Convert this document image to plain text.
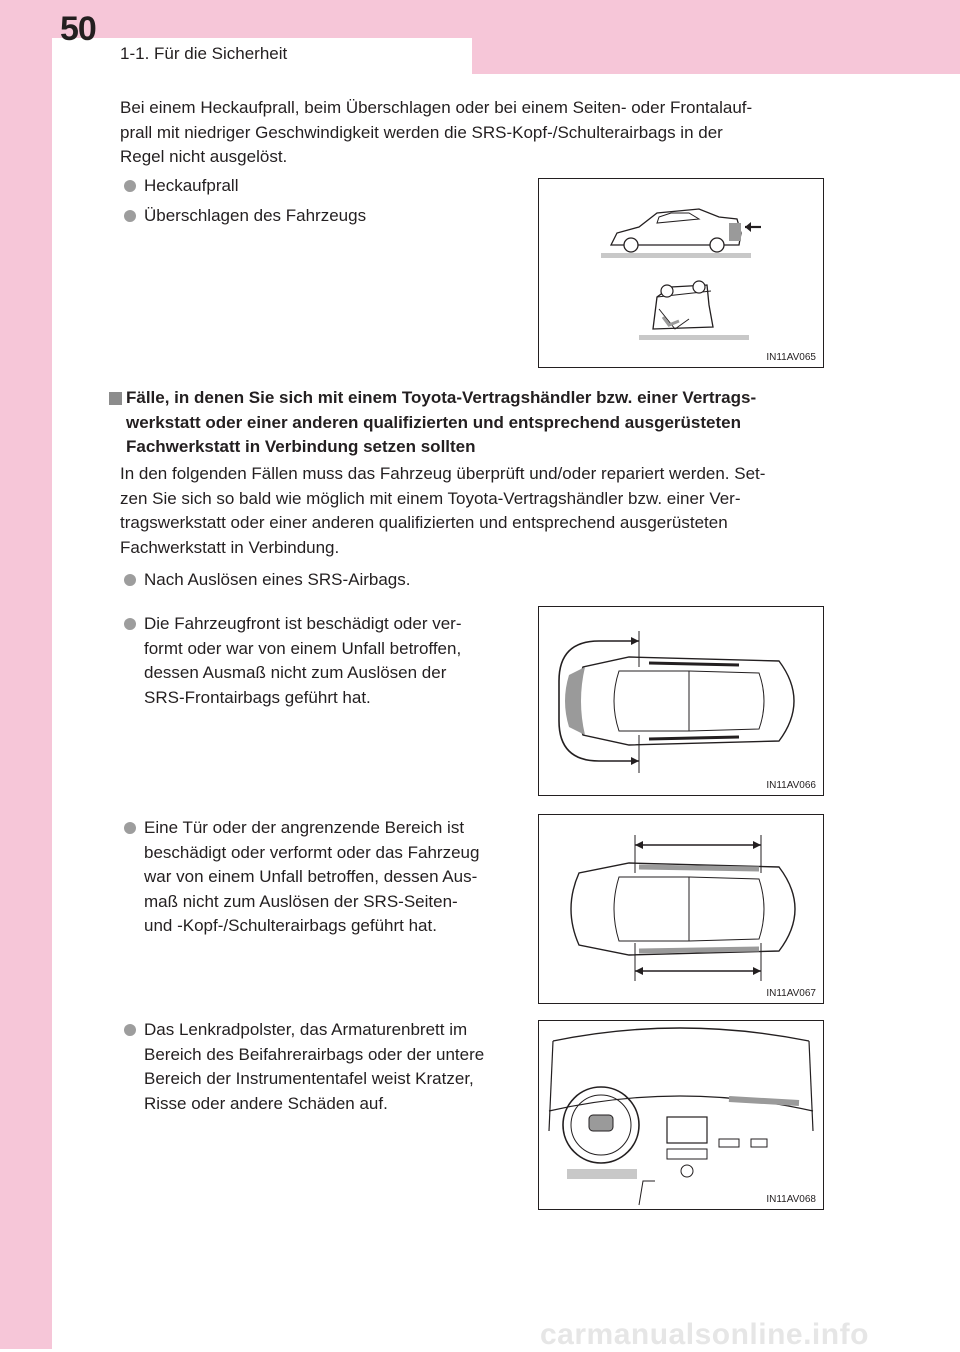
50
1-1. Für die Sicherheit
Bei einem Heckaufprall, beim Überschlagen oder bei einem Seiten- oder Frontalauf-
prall mit niedriger Geschwindigkeit werden die SRS-Kopf-/Schulterairbags in der
Regel nicht ausgelöst.
Heckaufprall
Überschlagen des Fahrzeugs
IN11AV065
Fälle, in denen Sie sich mit einem Toyota-Vertragshändler bzw. einer Vertrags-
werkstatt oder einer anderen qualifizierten und entsprechend ausgerüsteten
Fachwerkstatt in Verbindung setzen sollten
In den folgenden Fällen muss das Fahrzeug überprüft und/oder repariert werden. Set-
zen Sie sich so bald wie möglich mit einem Toyota-Vertragshändler bzw. einer Ver-
tragswerkstatt oder einer anderen qualifizierten und entsprechend ausgerüsteten
Fachwerkstatt in Verbindung.
Nach Auslösen eines SRS-Airbags.
Die Fahrzeugfront ist beschädigt oder ver-
formt oder war von einem Unfall betroffen,
dessen Ausmaß nicht zum Auslösen der
SRS-Frontairbags geführt hat.
IN11AV066
Eine Tür oder der angrenzende Bereich ist
beschädigt oder verformt oder das Fahrzeug
war von einem Unfall betroffen, dessen Aus-
maß nicht zum Auslösen der SRS-Seiten-
und -Kopf-/Schulterairbags geführt hat.
IN11AV067
Das Lenkradpolster, das Armaturenbrett im
Bereich des Beifahrerairbags oder der untere
Bereich der Instrumententafel weist Kratzer,
Risse oder andere Schäden auf.
IN11AV068
carmanualsonline.info
